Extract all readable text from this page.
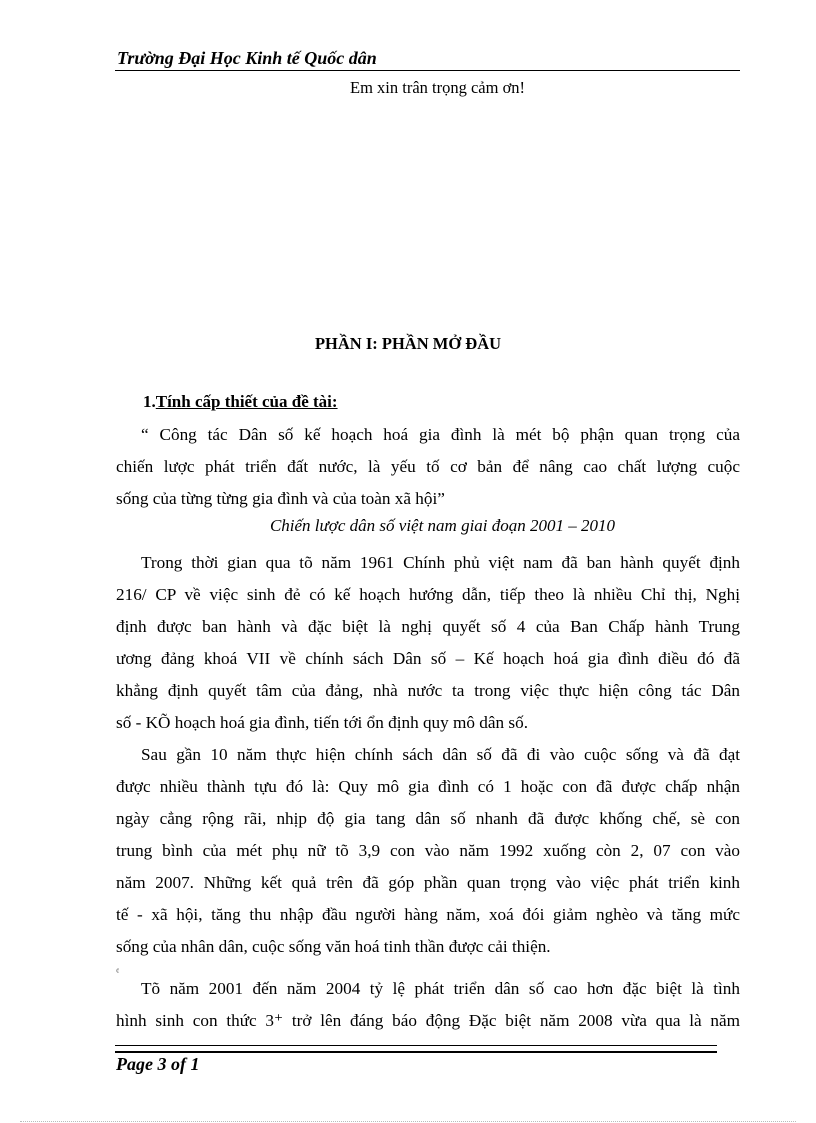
Trường Đại Học Kinh tế Quốc dân
Em xin trân trọng cảm ơn!
PHẦN I: PHẦN MỞ ĐẦU
1.Tính cấp thiết của đề tài:
“ Công tác Dân số kế hoạch hoá gia đình là mét bộ phận quan trọng của
chiến lược phát triển đất nước, là yếu tố cơ bản để nâng cao chất lượng cuộc
sống của từng từng gia đình và của toàn xã hội”
Chiến lược dân số việt nam giai đoạn 2001 – 2010
Trong thời gian qua tõ năm 1961 Chính phủ việt nam đã ban hành quyết định
216/ CP về việc sinh đẻ có kế hoạch hướng dẫn, tiếp theo là nhiều Chỉ thị, Nghị
định được ban hành và đặc biệt là nghị quyết số 4 của Ban Chấp hành Trung
ương đảng khoá VII về chính sách Dân số – Kế hoạch hoá gia đình điều đó đã
khẳng định quyết tâm của đảng, nhà nước ta trong việc thực hiện công tác Dân
số - KÕ hoạch hoá gia đình, tiến tới ổn định quy mô dân số.
Sau gần 10 năm thực hiện chính sách dân số đã đi vào cuộc sống và đã đạt
được nhiều thành tựu đó là: Quy mô gia đình có 1 hoặc con đã được chấp nhận
ngày cẳng rộng rãi, nhịp độ gia tang dân số nhanh đã được khống chế, sè con
trung bình của mét phụ nữ tõ 3,9 con vào năm 1992 xuống còn 2, 07 con vào
năm 2007. Những kết quả trên đã góp phần quan trọng vào việc phát triển kinh
tế - xã hội, tăng thu nhập đầu người hàng năm, xoá đói giảm nghèo và tăng mức
sống của nhân dân, cuộc sống văn hoá tinh thần được cải thiện.
¢
Tõ năm 2001 đến năm 2004 tỷ lệ phát triển dân số cao hơn đặc biệt là tình
hình sinh con thức 3⁺ trở lên đáng báo động Đặc biệt năm 2008 vừa qua là năm
Page 3 of 1
